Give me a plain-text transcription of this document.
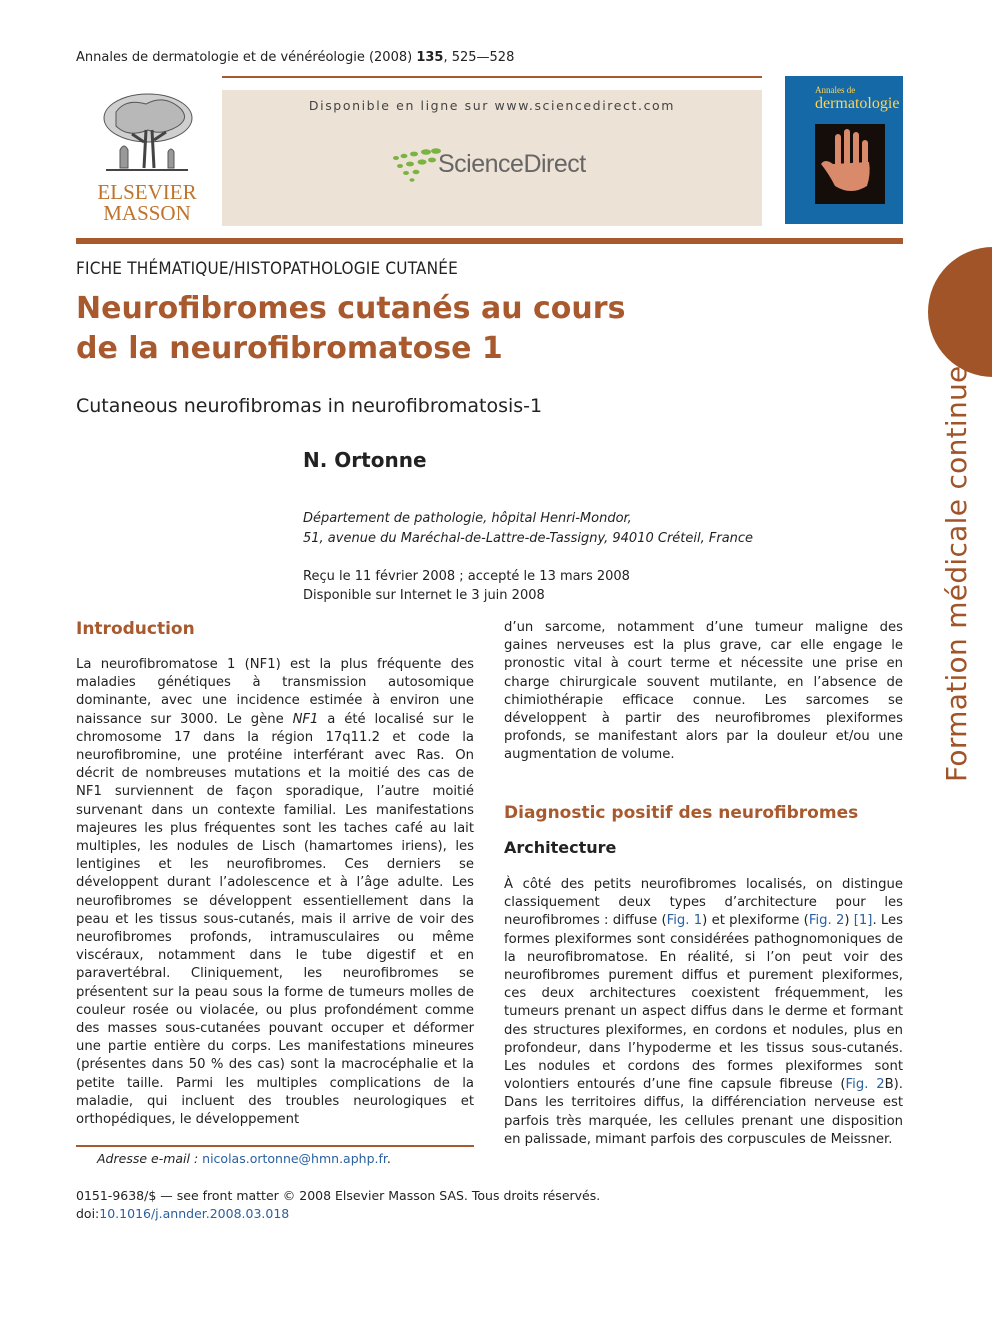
Annales de dermatologie et de vénéréologie (2008) 135, 525—528
ELSEVIER
MASSON
Disponible en ligne sur www.sciencedirect.com
ScienceDirect
Annales de
dermatologie
FICHE THÉMATIQUE/HISTOPATHOLOGIE CUTANÉE
Neurofibromes cutanés au cours
de la neurofibromatose 1
Cutaneous neurofibromas in neurofibromatosis-1
N. Ortonne
Département de pathologie, hôpital Henri-Mondor,
51, avenue du Maréchal-de-Lattre-de-Tassigny, 94010 Créteil, France
Reçu le 11 février 2008 ; accepté le 13 mars 2008
Disponible sur Internet le 3 juin 2008
Introduction
La neurofibromatose 1 (NF1) est la plus fréquente des maladies génétiques à transmission autosomique dominante, avec une incidence estimée à environ une naissance sur 3000. Le gène NF1 a été localisé sur le chromosome 17 dans la région 17q11.2 et code la neurofibromine, une protéine interférant avec Ras. On décrit de nombreuses mutations et la moitié des cas de NF1 surviennent de façon sporadique, l’autre moitié survenant dans un contexte familial. Les manifestations majeures les plus fréquentes sont les taches café au lait multiples, les nodules de Lisch (hamartomes iriens), les lentigines et les neurofibromes. Ces derniers se développent durant l’adolescence et à l’âge adulte. Les neurofibromes se développent essentiellement dans la peau et les tissus sous-cutanés, mais il arrive de voir des neurofibromes profonds, intramusculaires ou même viscéraux, notamment dans le tube digestif et en paravertébral. Cliniquement, les neurofibromes se présentent sur la peau sous la forme de tumeurs molles de couleur rosée ou violacée, ou plus profondément comme des masses sous-cutanées pouvant occuper et déformer une partie entière du corps. Les manifestations mineures (présentes dans 50 % des cas) sont la macrocéphalie et la petite taille. Parmi les multiples complications de la maladie, qui incluent des troubles neurologiques et orthopédiques, le développement
d’un sarcome, notamment d’une tumeur maligne des gaines nerveuses est la plus grave, car elle engage le pronostic vital à court terme et nécessite une prise en charge chirurgicale souvent mutilante, en l’absence de chimiothérapie efficace connue. Les sarcomes se développent à partir des neurofibromes plexiformes profonds, se manifestant alors par la douleur et/ou une augmentation de volume.
Diagnostic positif des neurofibromes
Architecture
À côté des petits neurofibromes localisés, on distingue classiquement deux types d’architecture pour les neurofibromes : diffuse (Fig. 1) et plexiforme (Fig. 2) [1]. Les formes plexiformes sont considérées pathognomoniques de la neurofibromatose. En réalité, si l’on peut voir des neurofibromes purement diffus et purement plexiformes, ces deux architectures coexistent fréquemment, les tumeurs prenant un aspect diffus dans le derme et formant des structures plexiformes, en cordons et nodules, plus en profondeur, dans l’hypoderme et les tissus sous-cutanés. Les nodules et cordons des formes plexiformes sont volontiers entourés d’une fine capsule fibreuse (Fig. 2B). Dans les territoires diffus, la différenciation nerveuse est parfois très marquée, les cellules prenant une disposition en palissade, mimant parfois des corpuscules de Meissner.
Adresse e-mail : nicolas.ortonne@hmn.aphp.fr.
0151-9638/$ — see front matter © 2008 Elsevier Masson SAS. Tous droits réservés.
doi:10.1016/j.annder.2008.03.018
Formation médicale continue
